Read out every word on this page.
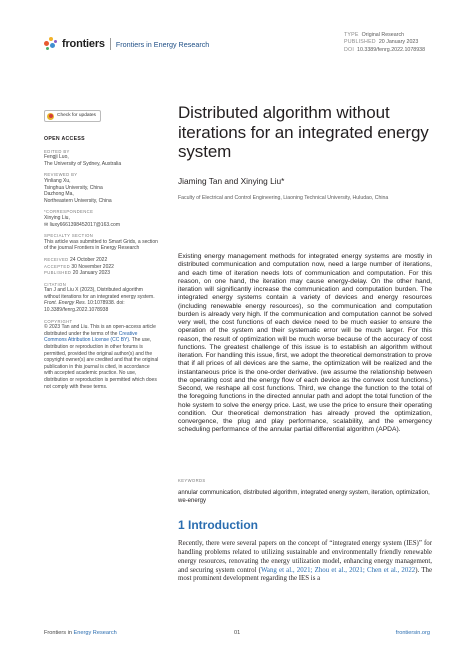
frontiers Frontiers in Energy Research
TYPE Original Research
PUBLISHED 20 January 2023
DOI 10.3389/fenrg.2022.1078938
Check for updates
OPEN ACCESS
EDITED BY
Fengji Luo,
The University of Sydney, Australia
REVIEWED BY
Yinliang Xu,
Tsinghua University, China
Dazhong Ma,
Northeastern University, China
*CORRESPONDENCE
Xinying Liu,
✉ liuxy6661398452017@163.com
SPECIALTY SECTION
This article was submitted to Smart Grids, a section of the journal Frontiers in Energy Research
RECEIVED 24 October 2022
ACCEPTED 30 November 2022
PUBLISHED 20 January 2023
CITATION
Tan J and Liu X (2023), Distributed algorithm without iterations for an integrated energy system. Front. Energy Res. 10:1078938. doi: 10.3389/fenrg.2022.1078938
COPYRIGHT
© 2023 Tan and Liu. This is an open-access article distributed under the terms of the Creative Commons Attribution License (CC BY). The use, distribution or reproduction in other forums is permitted, provided the original author(s) and the copyright owner(s) are credited and that the original publication in this journal is cited, in accordance with accepted academic practice. No use, distribution or reproduction is permitted which does not comply with these terms.
Distributed algorithm without iterations for an integrated energy system
Jiaming Tan and Xinying Liu*
Faculty of Electrical and Control Engineering, Liaoning Technical University, Huludao, China

Existing energy management methods for integrated energy systems are mostly in distributed communication and computation now, need a large number of iterations, and each time of iteration needs lots of communication and computation. For this reason, on one hand, the iteration may cause energy-delay. On the other hand, iteration will significantly increase the communication and computation burden. The integrated energy systems contain a variety of devices and energy resources (including renewable energy resources), so the communication and computation burden is already very high. If the communication and computation cannot be solved very well, the cost functions of each device need to be much easier to ensure the operation of the system and their systematic error will be much larger. For this reason, the result of optimization will be much worse because of the accuracy of cost functions. The greatest challenge of this issue is to establish an algorithm without iteration. For handling this issue, first, we adopt the theoretical demonstration to prove that if all prices of all devices are the same, the optimization will be realized and the instantaneous price is the one-order derivative. (we assume the relationship between the operating cost and the energy flow of each device as the convex cost functions.) Second, we reshape all cost functions. Third, we change the function to the total of the foregoing functions in the directed annular path and adopt the total function of the hole system to solve the energy price. Last, we use the price to ensure their operating condition. Our theoretical demonstration has already proved the optimization, convergence, the plug and play performance, scalability, and the emergency scheduling performance of the annular partial differential algorithm (APDA).

KEYWORDS
annular communication, distributed algorithm, integrated energy system, iteration, optimization, we-energy
1 Introduction

Recently, there were several papers on the concept of “integrated energy system (IES)” for handling problems related to utilizing sustainable and environmentally friendly renewable energy resources, renovating the energy utilization model, enhancing energy management, and securing system control (Wang et al., 2021; Zhou et al., 2021; Chen et al., 2022). The most prominent development regarding the IES is a

Frontiers in Energy Research	01	frontiersin.org
